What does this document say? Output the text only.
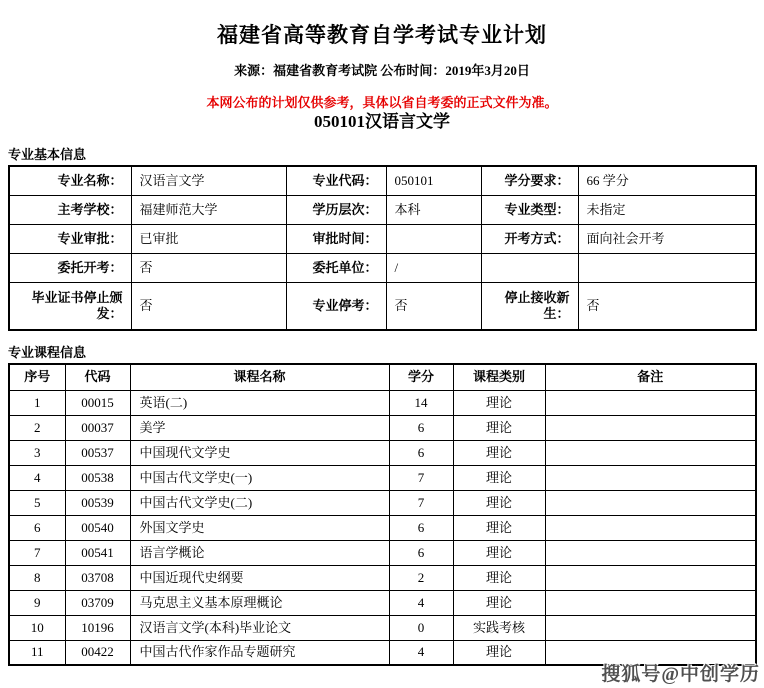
福建省高等教育自学考试专业计划
来源：福建省教育考试院 公布时间：2019年3月20日
本网公布的计划仅供参考，具体以省自考委的正式文件为准。
050101汉语言文学
专业基本信息
专业名称：	汉语言文学	专业代码：	050101	学分要求：	66 学分
主考学校：	福建师范大学	学历层次：	本科	专业类型：	未指定
专业审批：	已审批	审批时间：		开考方式：	面向社会开考
委托开考：	否	委托单位：	/		
毕业证书停止颁发：	否	专业停考：	否	停止接收新生：	否
专业课程信息
序号	代码	课程名称	学分	课程类别	备注
1	00015	英语(二)	14	理论	
2	00037	美学	6	理论	
3	00537	中国现代文学史	6	理论	
4	00538	中国古代文学史(一)	7	理论	
5	00539	中国古代文学史(二)	7	理论	
6	00540	外国文学史	6	理论	
7	00541	语言学概论	6	理论	
8	03708	中国近现代史纲要	2	理论	
9	03709	马克思主义基本原理概论	4	理论	
10	10196	汉语言文学(本科)毕业论文	0	实践考核	
11	00422	中国古代作家作品专题研究	4	理论	
搜狐号@中创学历
